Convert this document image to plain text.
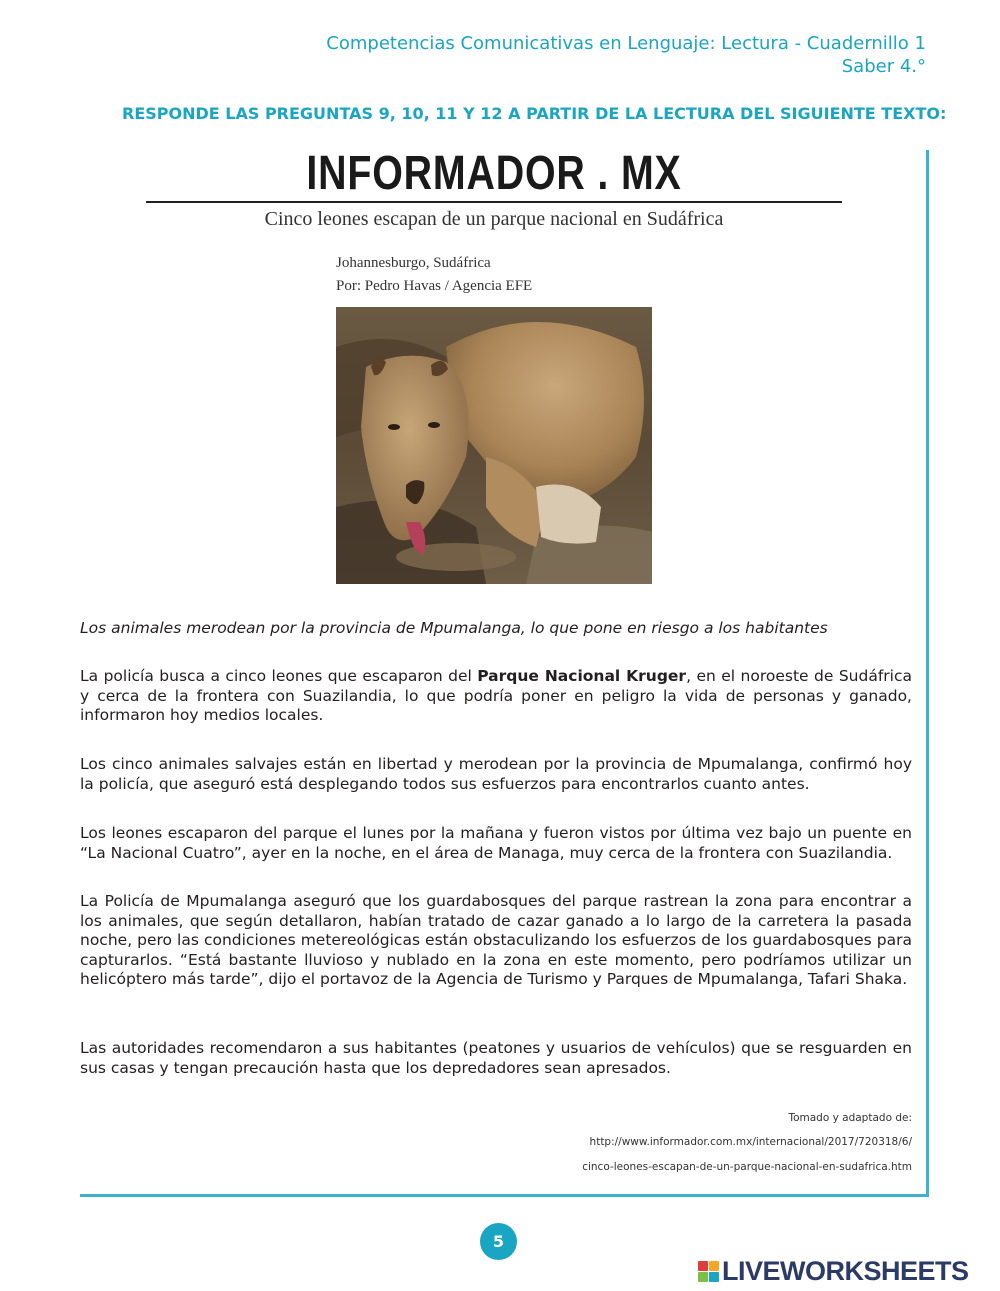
Competencias Comunicativas en Lenguaje: Lectura - Cuadernillo 1
Saber 4.°
RESPONDE LAS PREGUNTAS 9, 10, 11 Y 12 A PARTIR DE LA LECTURA DEL SIGUIENTE TEXTO:
INFORMADOR . MX
Cinco leones escapan de un parque nacional en Sudáfrica
Johannesburgo, Sudáfrica
Por: Pedro Havas / Agencia EFE
Los animales merodean por la provincia de Mpumalanga, lo que pone en riesgo a los habitantes
La policía busca a cinco leones que escaparon del Parque Nacional Kruger, en el noroeste de Sudáfrica y cerca de la frontera con Suazilandia, lo que podría poner en peligro la vida de personas y ganado, informaron hoy medios locales.
Los cinco animales salvajes están en libertad y merodean por la provincia de Mpumalanga, confirmó hoy la policía, que aseguró está desplegando todos sus esfuerzos para encontrarlos cuanto antes.
Los leones escaparon del parque el lunes por la mañana y fueron vistos por última vez bajo un puente en “La Nacional Cuatro”, ayer en la noche, en el área de Managa, muy cerca de la frontera con Suazilandia.
La Policía de Mpumalanga aseguró que los guardabosques del parque rastrean la zona para encontrar a los animales, que según detallaron, habían tratado de cazar ganado a lo largo de la carretera la pasada noche, pero las condiciones metereológicas están obstaculizando los esfuerzos de los guardabosques para capturarlos. “Está bastante lluvioso y nublado en la zona en este momento, pero podríamos utilizar un helicóptero más tarde”, dijo el portavoz de la Agencia de Turismo y Parques de Mpumalanga, Tafari Shaka.
Las autoridades recomendaron a sus habitantes (peatones y usuarios de vehículos) que se resguarden en sus casas y tengan precaución hasta que los depredadores sean apresados.
Tomado y adaptado de:
http://www.informador.com.mx/internacional/2017/720318/6/
cinco-leones-escapan-de-un-parque-nacional-en-sudafrica.htm
5
LIVEWORKSHEETS
